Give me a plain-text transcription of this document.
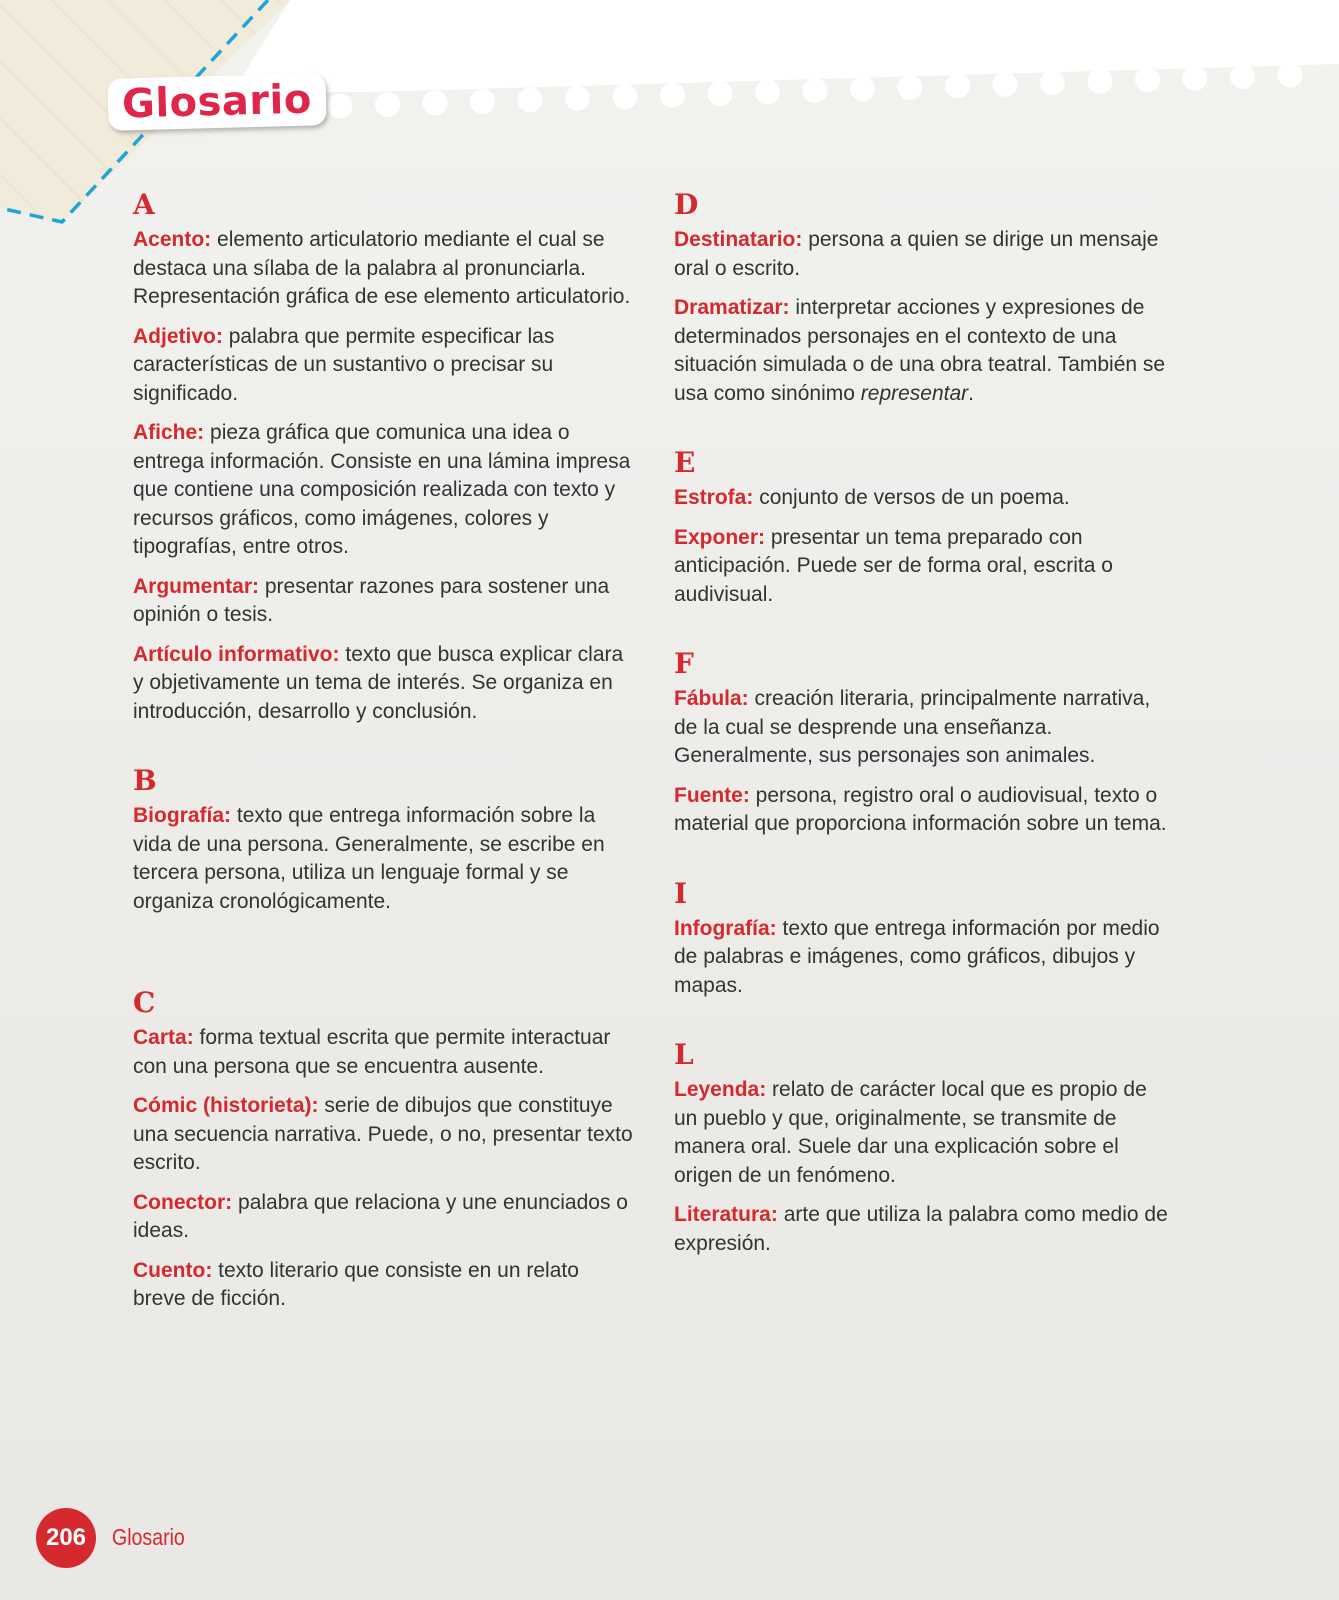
Glosario
A

Acento: elemento articulatorio mediante el cual se destaca una sílaba de la palabra al pronunciarla. Representación gráfica de ese elemento articulatorio.

Adjetivo: palabra que permite especificar las características de un sustantivo o precisar su significado.

Afiche: pieza gráfica que comunica una idea o entrega información. Consiste en una lámina impresa que contiene una composición realizada con texto y recursos gráficos, como imágenes, colores y tipografías, entre otros.

Argumentar: presentar razones para sostener una opinión o tesis.

Artículo informativo: texto que busca explicar clara y objetivamente un tema de interés. Se organiza en introducción, desarrollo y conclusión.

B

Biografía: texto que entrega información sobre la vida de una persona. Generalmente, se escribe en tercera persona, utiliza un lenguaje formal y se organiza cronológicamente.

C

Carta: forma textual escrita que permite interactuar con una persona que se encuentra ausente.

Cómic (historieta): serie de dibujos que constituye una secuencia narrativa. Puede, o no, presentar texto escrito.

Conector: palabra que relaciona y une enunciados o ideas.

Cuento: texto literario que consiste en un relato breve de ficción.

D

Destinatario: persona a quien se dirige un mensaje oral o escrito.

Dramatizar: interpretar acciones y expresiones de determinados personajes en el contexto de una situación simulada o de una obra teatral. También se usa como sinónimo representar.

E

Estrofa: conjunto de versos de un poema.

Exponer: presentar un tema preparado con anticipación. Puede ser de forma oral, escrita o audivisual.

F

Fábula: creación literaria, principalmente narrativa, de la cual se desprende una enseñanza. Generalmente, sus personajes son animales.

Fuente: persona, registro oral o audiovisual, texto o material que proporciona información sobre un tema.

I

Infografía: texto que entrega información por medio de palabras e imágenes, como gráficos, dibujos y mapas.

L

Leyenda: relato de carácter local que es propio de un pueblo y que, originalmente, se transmite de manera oral. Suele dar una explicación sobre el origen de un fenómeno.

Literatura: arte que utiliza la palabra como medio de expresión.

206 Glosario
